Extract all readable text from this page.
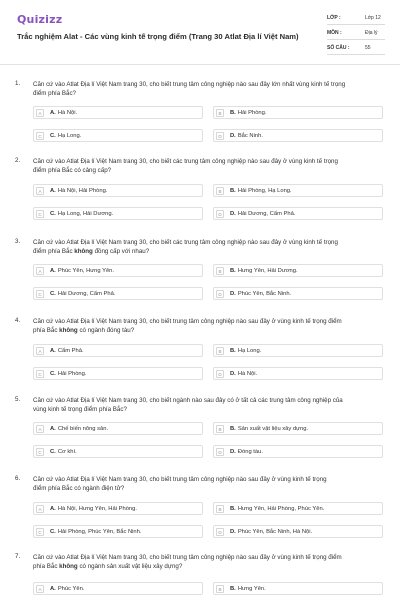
Quizizz
Trắc nghiệm Alat - Các vùng kinh tế trọng điểm (Trang 30 Atlat Địa lí Việt Nam)
LỚP :	Lớp 12
MÔN :	Địa lý
SỐ CÂU :	55
1. Căn cứ vào Atlat Địa lí Việt Nam trang 30, cho biết trung tâm công nghiệp nào sau đây lớn nhất vùng kinh tế trọng
điểm phía Bắc?
A	A. Hà Nội.	B	B. Hải Phòng.
C	C. Hạ Long.	D	D. Bắc Ninh.
2. Căn cứ vào Atlat Địa lí Việt Nam trang 30, cho biết các trung tâm công nghiệp nào sau đây ở vùng kinh tế trọng
điểm phía Bắc có cảng cấp?
A	A. Hà Nội, Hải Phòng.	B	B. Hải Phòng, Hạ Long.
C	C. Hạ Long, Hải Dương.	D	D. Hải Dương, Cẩm Phả.
3. Căn cứ vào Atlat Địa lí Việt Nam trang 30, cho biết các trung tâm công nghiệp nào sau đây ở vùng kinh tế trọng
điểm phía Bắc không đồng cấp với nhau?
A	A. Phúc Yên, Hưng Yên.	B	B. Hưng Yên, Hải Dương.
C	C. Hải Dương, Cẩm Phả.	D	D. Phúc Yên, Bắc Ninh.
4. Căn cứ vào Atlat Địa lí Việt Nam trang 30, cho biết trung tâm công nghiệp nào sau đây ở vùng kinh tế trọng điểm
phía Bắc không có ngành đóng tàu?
A	A. Cẩm Phả.	B	B. Hạ Long.
C	C. Hải Phòng.	D	D. Hà Nội.
5. Căn cứ vào Atlat Địa lí Việt Nam trang 30, cho biết ngành nào sau đây có ở tất cả các trung tâm công nghiệp của
vùng kinh tế trọng điểm phía Bắc?
A	A. Chế biến nông sản.	B	B. Sản xuất vật liệu xây dựng.
C	C. Cơ khí.	D	D. Đóng tàu.
6. Căn cứ vào Atlat Địa lí Việt Nam trang 30, cho biết trung tâm công nghiệp nào sau đây ở vùng kinh tế trọng
điểm phía Bắc có ngành điện tử?
A	A. Hà Nội, Hưng Yên, Hải Phòng.	B	B. Hưng Yên, Hải Phòng, Phúc Yên.
C	C. Hải Phòng, Phúc Yên, Bắc Ninh.	D	D. Phúc Yên, Bắc Ninh, Hà Nội.
7. Căn cứ vào Atlat Địa lí Việt Nam trang 30, cho biết trung tâm công nghiệp nào sau đây ở vùng kinh tế trọng điểm
phía Bắc không có ngành sản xuất vật liệu xây dựng?
A	A. Phúc Yên.	B	B. Hưng Yên.
